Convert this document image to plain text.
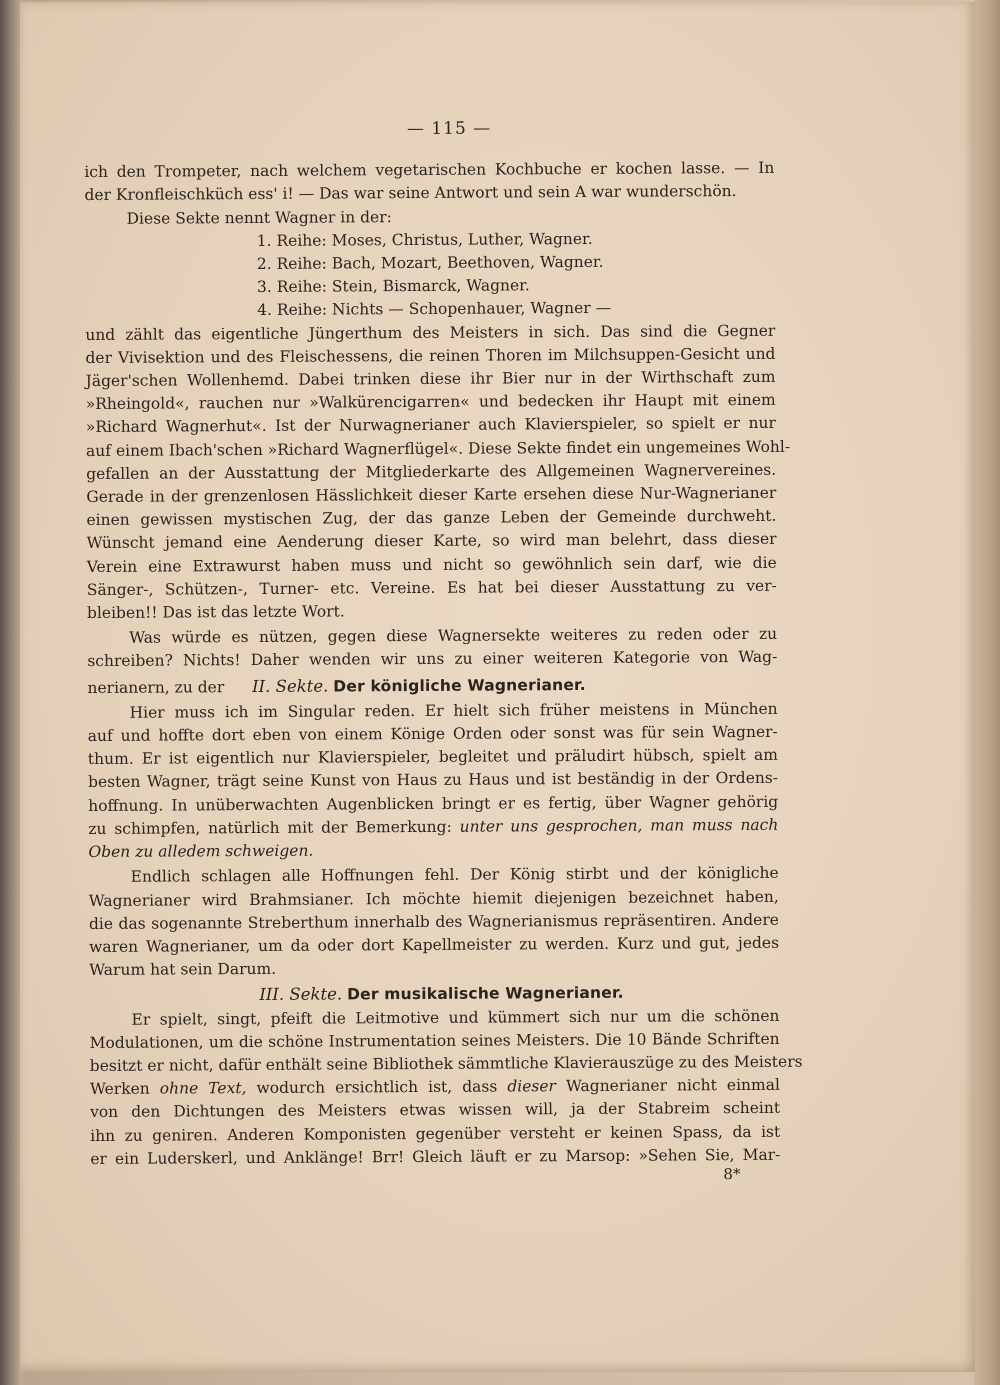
— 115 —
ich den Trompeter, nach welchem vegetarischen Kochbuche er kochen lasse. — In
der Kronfleischküch ess' i! — Das war seine Antwort und sein A war wunderschön.
Diese Sekte nennt Wagner in der:
1. Reihe: Moses, Christus, Luther, Wagner.
2. Reihe: Bach, Mozart, Beethoven, Wagner.
3. Reihe: Stein, Bismarck, Wagner.
4. Reihe: Nichts — Schopenhauer, Wagner —
und zählt das eigentliche Jüngerthum des Meisters in sich. Das sind die Gegner
der Vivisektion und des Fleischessens, die reinen Thoren im Milchsuppen-Gesicht und
Jäger'schen Wollenhemd. Dabei trinken diese ihr Bier nur in der Wirthschaft zum
»Rheingold«, rauchen nur »Walkürencigarren« und bedecken ihr Haupt mit einem
»Richard Wagnerhut«. Ist der Nurwagnerianer auch Klavierspieler, so spielt er nur
auf einem Ibach'schen »Richard Wagnerflügel«. Diese Sekte findet ein ungemeines Wohl-
gefallen an der Ausstattung der Mitgliederkarte des Allgemeinen Wagnervereines.
Gerade in der grenzenlosen Hässlichkeit dieser Karte ersehen diese Nur-Wagnerianer
einen gewissen mystischen Zug, der das ganze Leben der Gemeinde durchweht.
Wünscht jemand eine Aenderung dieser Karte, so wird man belehrt, dass dieser
Verein eine Extrawurst haben muss und nicht so gewöhnlich sein darf, wie die
Sänger-, Schützen-, Turner- etc. Vereine. Es hat bei dieser Ausstattung zu ver-
bleiben!! Das ist das letzte Wort.
Was würde es nützen, gegen diese Wagnersekte weiteres zu reden oder zu
schreiben? Nichts! Daher wenden wir uns zu einer weiteren Kategorie von Wag-
nerianern, zu der II. Sekte. Der königliche Wagnerianer.
Hier muss ich im Singular reden. Er hielt sich früher meistens in München
auf und hoffte dort eben von einem Könige Orden oder sonst was für sein Wagner-
thum. Er ist eigentlich nur Klavierspieler, begleitet und präludirt hübsch, spielt am
besten Wagner, trägt seine Kunst von Haus zu Haus und ist beständig in der Ordens-
hoffnung. In unüberwachten Augenblicken bringt er es fertig, über Wagner gehörig
zu schimpfen, natürlich mit der Bemerkung: unter uns gesprochen, man muss nach
Oben zu alledem schweigen.
Endlich schlagen alle Hoffnungen fehl. Der König stirbt und der königliche
Wagnerianer wird Brahmsianer. Ich möchte hiemit diejenigen bezeichnet haben,
die das sogenannte Streberthum innerhalb des Wagnerianismus repräsentiren. Andere
waren Wagnerianer, um da oder dort Kapellmeister zu werden. Kurz und gut, jedes
Warum hat sein Darum.
III. Sekte. Der musikalische Wagnerianer.
Er spielt, singt, pfeift die Leitmotive und kümmert sich nur um die schönen
Modulationen, um die schöne Instrumentation seines Meisters. Die 10 Bände Schriften
besitzt er nicht, dafür enthält seine Bibliothek sämmtliche Klavierauszüge zu des Meisters
Werken ohne Text, wodurch ersichtlich ist, dass dieser Wagnerianer nicht einmal
von den Dichtungen des Meisters etwas wissen will, ja der Stabreim scheint
ihn zu geniren. Anderen Komponisten gegenüber versteht er keinen Spass, da ist
er ein Luderskerl, und Anklänge! Brr! Gleich läuft er zu Marsop: »Sehen Sie, Mar-
8*
